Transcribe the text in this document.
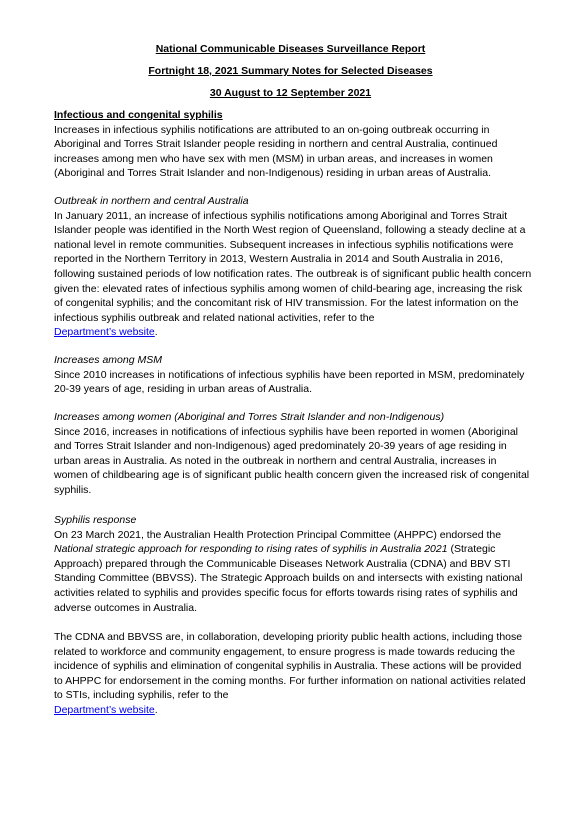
National Communicable Diseases Surveillance Report
Fortnight 18, 2021 Summary Notes for Selected Diseases
30 August to 12 September 2021

Infectious and congenital syphilis

Increases in infectious syphilis notifications are attributed to an on-going outbreak occurring in Aboriginal and Torres Strait Islander people residing in northern and central Australia, continued increases among men who have sex with men (MSM) in urban areas, and increases in women (Aboriginal and Torres Strait Islander and non-Indigenous) residing in urban areas of Australia.

Outbreak in northern and central Australia

In January 2011, an increase of infectious syphilis notifications among Aboriginal and Torres Strait Islander people was identified in the North West region of Queensland, following a steady decline at a national level in remote communities. Subsequent increases in infectious syphilis notifications were reported in the Northern Territory in 2013, Western Australia in 2014 and South Australia in 2016, following sustained periods of low notification rates. The outbreak is of significant public health concern given the: elevated rates of infectious syphilis among women of child-bearing age, increasing the risk of congenital syphilis; and the concomitant risk of HIV transmission. For the latest information on the infectious syphilis outbreak and related national activities, refer to the
Department’s website.

Increases among MSM

Since 2010 increases in notifications of infectious syphilis have been reported in MSM, predominately 20-39 years of age, residing in urban areas of Australia.

Increases among women (Aboriginal and Torres Strait Islander and non-Indigenous)

Since 2016, increases in notifications of infectious syphilis have been reported in women (Aboriginal and Torres Strait Islander and non-Indigenous) aged predominately 20-39 years of age residing in urban areas in Australia. As noted in the outbreak in northern and central Australia, increases in women of childbearing age is of significant public health concern given the increased risk of congenital syphilis.

Syphilis response

On 23 March 2021, the Australian Health Protection Principal Committee (AHPPC) endorsed the National strategic approach for responding to rising rates of syphilis in Australia 2021 (Strategic Approach) prepared through the Communicable Diseases Network Australia (CDNA) and BBV STI Standing Committee (BBVSS). The Strategic Approach builds on and intersects with existing national activities related to syphilis and provides specific focus for efforts towards rising rates of syphilis and adverse outcomes in Australia.

The CDNA and BBVSS are, in collaboration, developing priority public health actions, including those related to workforce and community engagement, to ensure progress is made towards reducing the incidence of syphilis and elimination of congenital syphilis in Australia. These actions will be provided to AHPPC for endorsement in the coming months. For further information on national activities related to STIs, including syphilis, refer to the
Department’s website.
